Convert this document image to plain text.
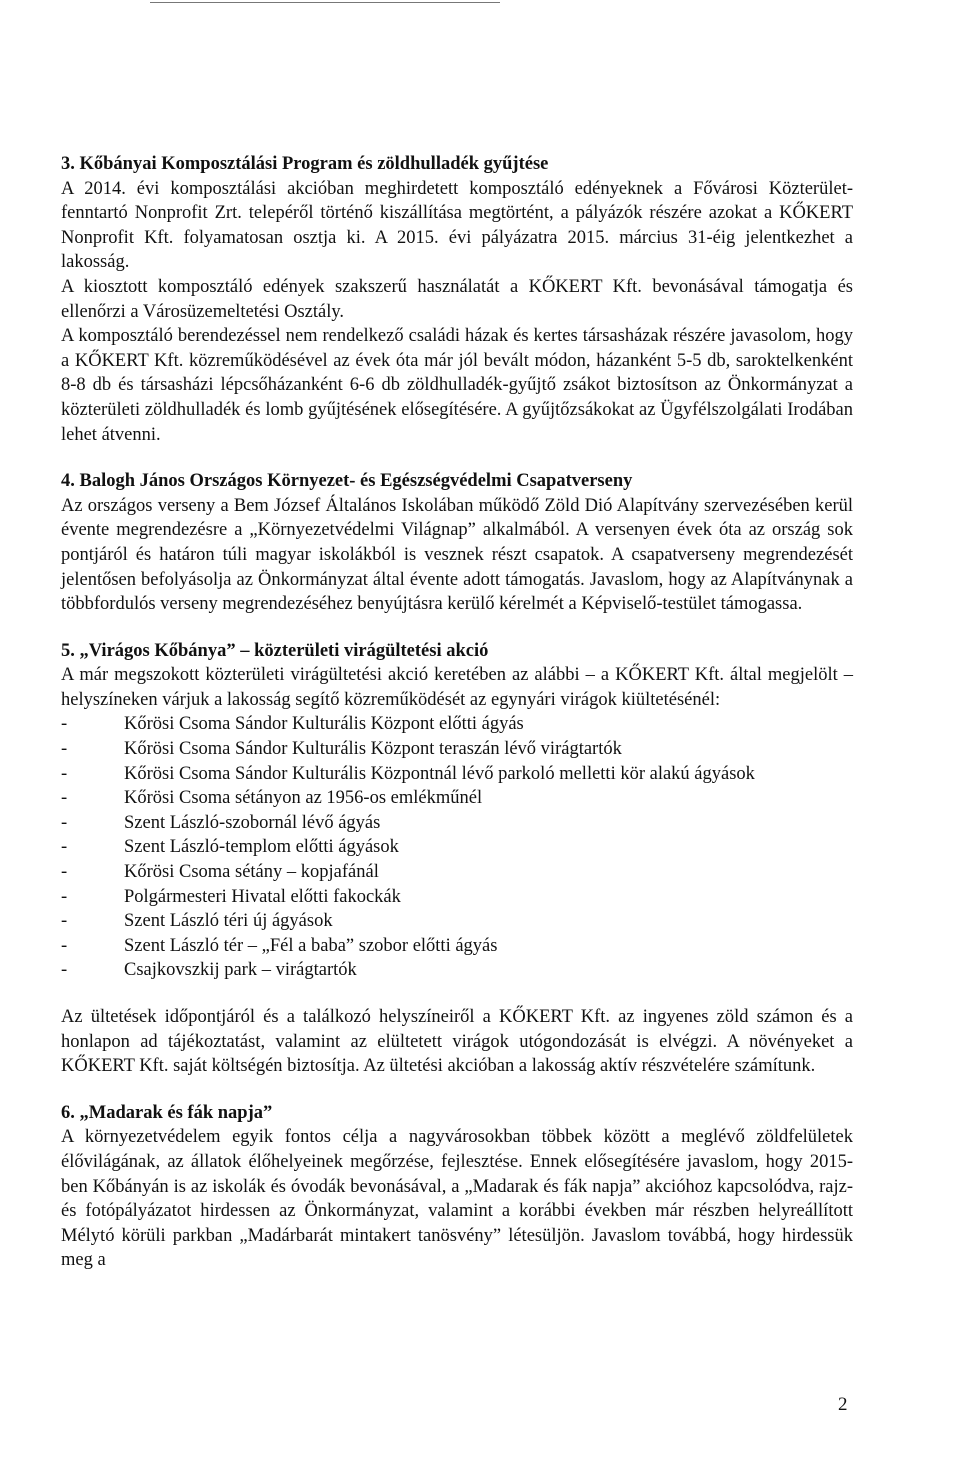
3. Kőbányai Komposztálási Program és zöldhulladék gyűjtése

A 2014. évi komposztálási akcióban meghirdetett komposztáló edényeknek a Fővárosi Közterület-fenntartó Nonprofit Zrt. telepéről történő kiszállítása megtörtént, a pályázók részére azokat a KŐKERT Nonprofit Kft. folyamatosan osztja ki. A 2015. évi pályázatra 2015. március 31-éig jelentkezhet a lakosság.

A kiosztott komposztáló edények szakszerű használatát a KŐKERT Kft. bevonásával támogatja és ellenőrzi a Városüzemeltetési Osztály.

A komposztáló berendezéssel nem rendelkező családi házak és kertes társasházak részére javasolom, hogy a KŐKERT Kft. közreműködésével az évek óta már jól bevált módon, házanként 5-5 db, saroktelkenként 8-8 db és társasházi lépcsőházanként 6-6 db zöldhulladék-gyűjtő zsákot biztosítson az Önkormányzat a közterületi zöldhulladék és lomb gyűjtésének elősegítésére. A gyűjtőzsákokat az Ügyfélszolgálati Irodában lehet átvenni.

4. Balogh János Országos Környezet- és Egészségvédelmi Csapatverseny

Az országos verseny a Bem József Általános Iskolában működő Zöld Dió Alapítvány szervezésében kerül évente megrendezésre a „Környezetvédelmi Világnap” alkalmából. A versenyen évek óta az ország sok pontjáról és határon túli magyar iskolákból is vesznek részt csapatok. A csapatverseny megrendezését jelentősen befolyásolja az Önkormányzat által évente adott támogatás. Javaslom, hogy az Alapítványnak a többfordulós verseny megrendezéséhez benyújtásra kerülő kérelmét a Képviselő-testület támogassa.

5. „Virágos Kőbánya” – közterületi virágültetési akció

A már megszokott közterületi virágültetési akció keretében az alábbi – a KŐKERT Kft. által megjelölt – helyszíneken várjuk a lakosság segítő közreműködését az egynyári virágok kiültetésénél:

- Kőrösi Csoma Sándor Kulturális Központ előtti ágyás
- Kőrösi Csoma Sándor Kulturális Központ teraszán lévő virágtartók
- Kőrösi Csoma Sándor Kulturális Központnál lévő parkoló melletti kör alakú ágyások
- Kőrösi Csoma sétányon az 1956-os emlékműnél
- Szent László-szobornál lévő ágyás
- Szent László-templom előtti ágyások
- Kőrösi Csoma sétány – kopjafánál
- Polgármesteri Hivatal előtti fakockák
- Szent László téri új ágyások
- Szent László tér – „Fél a baba” szobor előtti ágyás
- Csajkovszkij park – virágtartók

Az ültetések időpontjáról és a találkozó helyszíneiről a KŐKERT Kft. az ingyenes zöld számon és a honlapon ad tájékoztatást, valamint az elültetett virágok utógondozását is elvégzi. A növényeket a KŐKERT Kft. saját költségén biztosítja. Az ültetési akcióban a lakosság aktív részvételére számítunk.

6. „Madarak és fák napja”

A környezetvédelem egyik fontos célja a nagyvárosokban többek között a meglévő zöldfelületek élővilágának, az állatok élőhelyeinek megőrzése, fejlesztése. Ennek elősegítésére javaslom, hogy 2015-ben Kőbányán is az iskolák és óvodák bevonásával, a „Madarak és fák napja” akcióhoz kapcsolódva, rajz- és fotópályázatot hirdessen az Önkormányzat, valamint a korábbi években már részben helyreállított Mélytó körüli parkban „Madárbarát mintakert tanösvény” létesüljön. Javaslom továbbá, hogy hirdessük meg a

2
